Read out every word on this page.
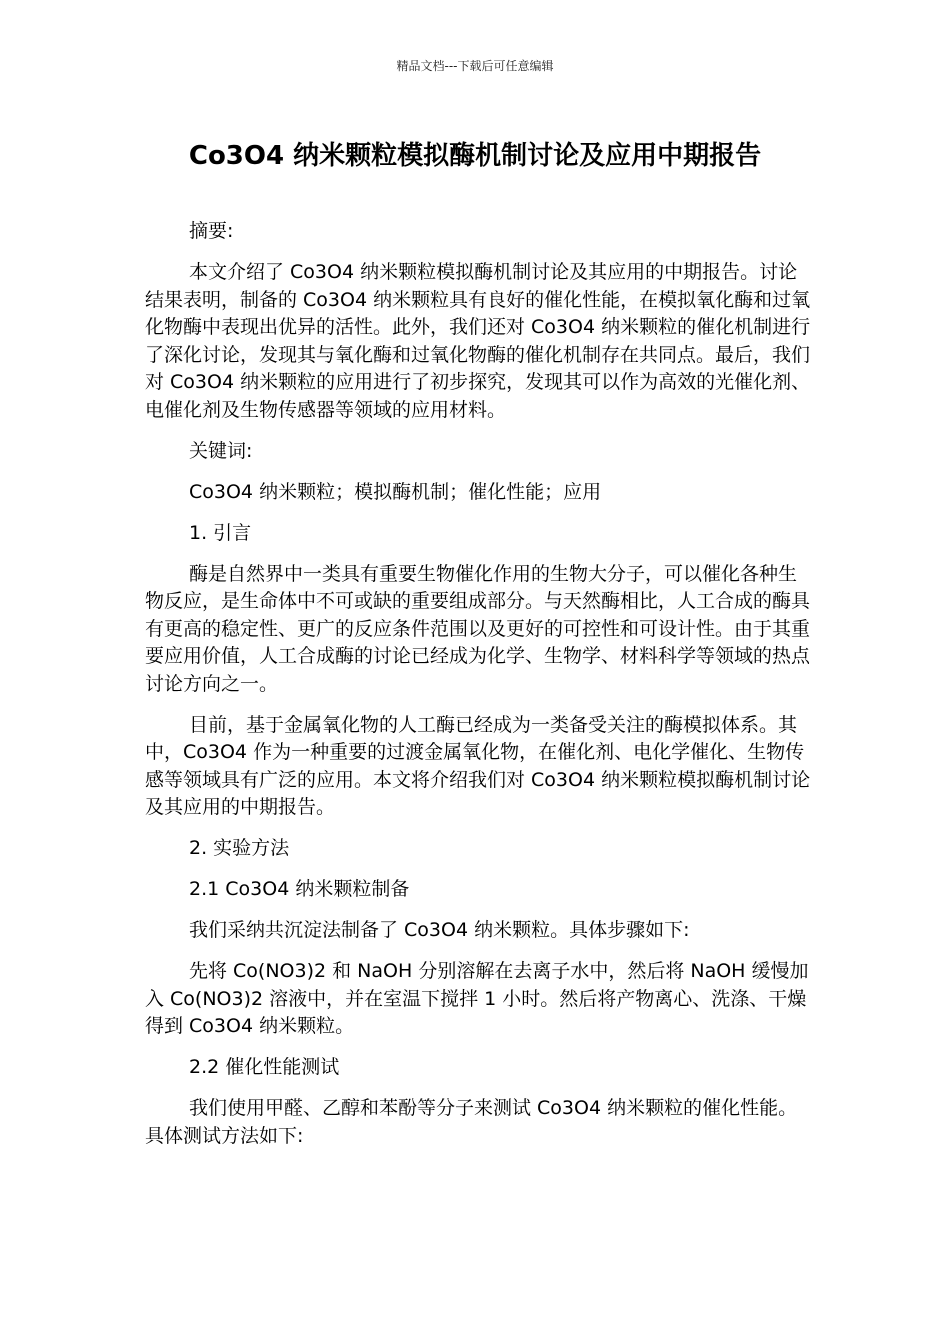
精品文档---下载后可任意编辑
Co3O4 纳米颗粒模拟酶机制讨论及应用中期报告

摘要:

本文介绍了 Co3O4 纳米颗粒模拟酶机制讨论及其应用的中期报告。讨论结果表明，制备的 Co3O4 纳米颗粒具有良好的催化性能，在模拟氧化酶和过氧化物酶中表现出优异的活性。此外，我们还对 Co3O4 纳米颗粒的催化机制进行了深化讨论，发现其与氧化酶和过氧化物酶的催化机制存在共同点。最后，我们对 Co3O4 纳米颗粒的应用进行了初步探究，发现其可以作为高效的光催化剂、电催化剂及生物传感器等领域的应用材料。

关键词:

Co3O4 纳米颗粒；模拟酶机制；催化性能；应用

1. 引言

酶是自然界中一类具有重要生物催化作用的生物大分子，可以催化各种生物反应，是生命体中不可或缺的重要组成部分。与天然酶相比，人工合成的酶具有更高的稳定性、更广的反应条件范围以及更好的可控性和可设计性。由于其重要应用价值，人工合成酶的讨论已经成为化学、生物学、材料科学等领域的热点讨论方向之一。

目前，基于金属氧化物的人工酶已经成为一类备受关注的酶模拟体系。其中，Co3O4 作为一种重要的过渡金属氧化物，在催化剂、电化学催化、生物传感等领域具有广泛的应用。本文将介绍我们对 Co3O4 纳米颗粒模拟酶机制讨论及其应用的中期报告。

2. 实验方法

2.1 Co3O4 纳米颗粒制备

我们采纳共沉淀法制备了 Co3O4 纳米颗粒。具体步骤如下:

先将 Co(NO3)2 和 NaOH 分别溶解在去离子水中，然后将 NaOH 缓慢加入 Co(NO3)2 溶液中，并在室温下搅拌 1 小时。然后将产物离心、洗涤、干燥得到 Co3O4 纳米颗粒。

2.2 催化性能测试

我们使用甲醛、乙醇和苯酚等分子来测试 Co3O4 纳米颗粒的催化性能。具体测试方法如下:
